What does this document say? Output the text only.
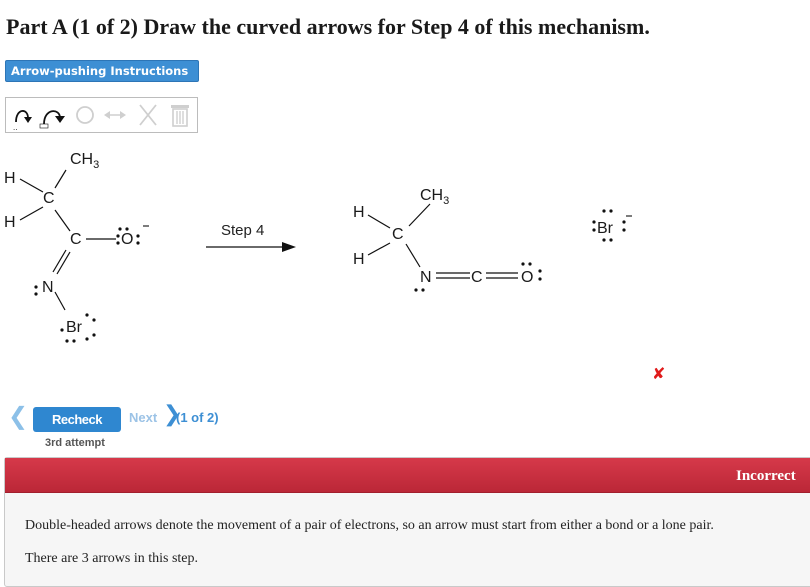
Part A (1 of 2) Draw the curved arrows for Step 4 of this mechanism.
Arrow-pushing Instructions
..
$CH_3$
H
C
H
C O
N
Br
Step 4
$CH_3$
H
C
H
N C O
Br
✘
❮	Recheck	Next ❯
(1 of 2)
3rd attempt
Incorrect
Double-headed arrows denote the movement of a pair of electrons, so an arrow must start from either a bond or a lone pair.
There are 3 arrows in this step.
